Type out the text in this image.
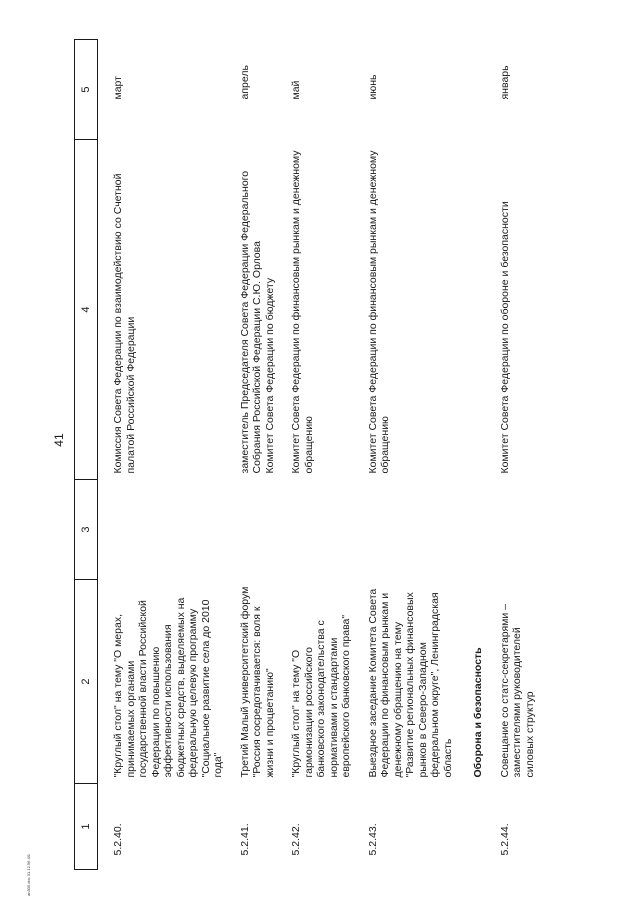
an305.doc 31.12.96 4/1
41
1	2	3	4	5

5.2.40.	"Круглый стол" на тему "О мерах, принимаемых органами государственной власти Российской Федерации по повышению эффективности использования бюджетных средств, выделяемых на федеральную целевую программу "Социальное развитие села до 2010 года"		Комиссия Совета Федерации по взаимодействию со Счетной палатой Российской Федерации	март

5.2.41.	Третий Малый университетский форум "Россия сосредотачивается: воля к жизни и процветанию"		заместитель Председателя Совета Федерации Федерального Собрания Российской Федерации С.Ю. Орлова
Комитет Совета Федерации по бюджету	апрель

5.2.42.	"Круглый стол" на тему "О гармонизации российского банковского законодательства с нормативами и стандартами европейского банковского права"		Комитет Совета Федерации по финансовым рынкам и денежному обращению	май

5.2.43.	Выездное заседание Комитета Совета Федерации по финансовым рынкам и денежному обращению на тему "Развитие региональных финансовых рынков в Северо-Западном федеральном округе", Ленинградская область		Комитет Совета Федерации по финансовым рынкам и денежному обращению	июнь

	Оборона и безопасность			

5.2.44.	Совещание со статс-секретарями – заместителями руководителей силовых структур		Комитет Совета Федерации по обороне и безопасности	январь
